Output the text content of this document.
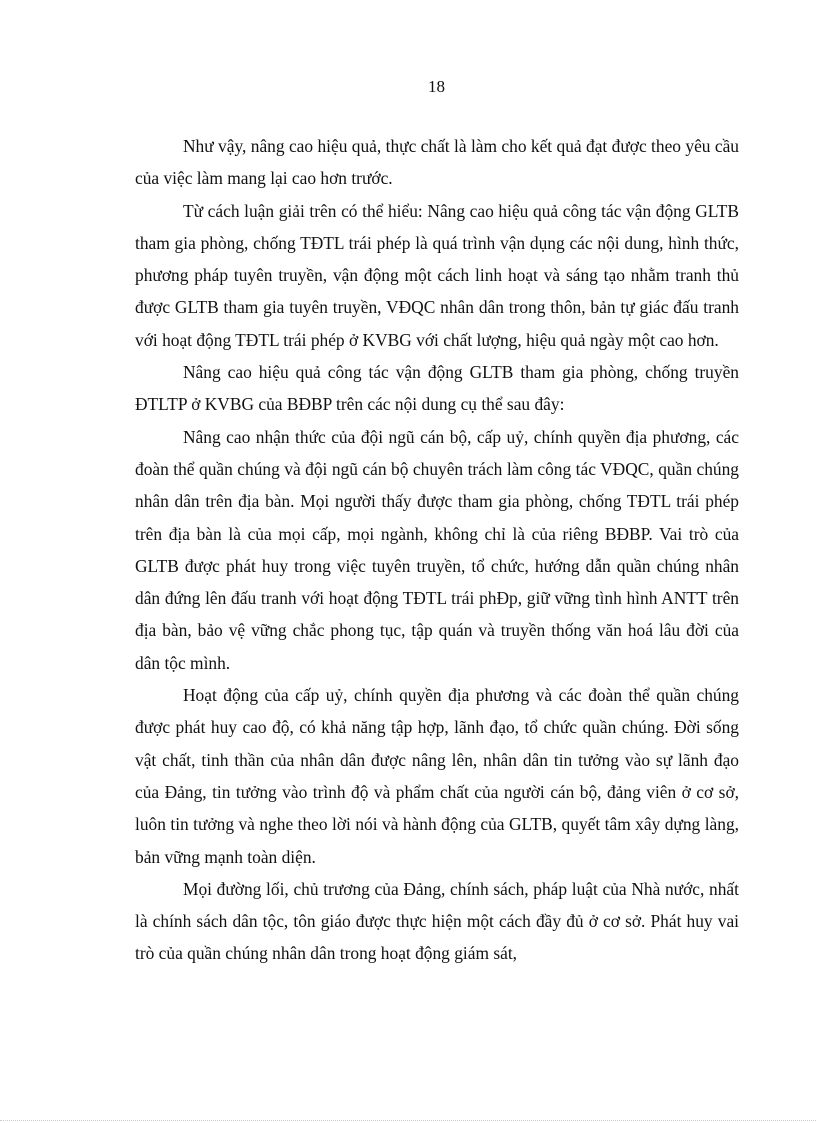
18

Như vậy, nâng cao hiệu quả, thực chất là làm cho kết quả đạt được theo yêu cầu của việc làm mang lại cao hơn trước.

Từ cách luận giải trên có thể hiểu: Nâng cao hiệu quả công tác vận động GLTB tham gia phòng, chống TĐTL trái phép là quá trình vận dụng các nội dung, hình thức, phương pháp tuyên truyền, vận động một cách linh hoạt và sáng tạo nhằm tranh thủ được GLTB tham gia tuyên truyền, VĐQC nhân dân trong thôn, bản tự giác đấu tranh với hoạt động TĐTL trái phép ở KVBG với chất lượng, hiệu quả ngày một cao hơn.

Nâng cao hiệu quả công tác vận động GLTB tham gia phòng, chống truyền ĐTLTP ở KVBG của BĐBP trên các nội dung cụ thể sau đây:

Nâng cao nhận thức của đội ngũ cán bộ, cấp uỷ, chính quyền địa phương, các đoàn thể quần chúng và đội ngũ cán bộ chuyên trách làm công tác VĐQC, quần chúng nhân dân trên địa bàn. Mọi người thấy được tham gia phòng, chống TĐTL trái phép trên địa bàn là của mọi cấp, mọi ngành, không chỉ là của riêng BĐBP. Vai trò của GLTB được phát huy trong việc tuyên truyền, tổ chức, hướng dẫn quần chúng nhân dân đứng lên đấu tranh với hoạt động TĐTL trái phĐp, giữ vững tình hình ANTT trên địa bàn, bảo vệ vững chắc phong tục, tập quán và truyền thống văn hoá lâu đời của dân tộc mình.

Hoạt động của cấp uỷ, chính quyền địa phương và các đoàn thể quần chúng được phát huy cao độ, có khả năng tập hợp, lãnh đạo, tổ chức quần chúng. Đời sống vật chất, tinh thần của nhân dân được nâng lên, nhân dân tin tưởng vào sự lãnh đạo của Đảng, tin tưởng vào trình độ và phẩm chất của người cán bộ, đảng viên ở cơ sở, luôn tin tưởng và nghe theo lời nói và hành động của GLTB, quyết tâm xây dựng làng, bản vững mạnh toàn diện.

Mọi đường lối, chủ trương của Đảng, chính sách, pháp luật của Nhà nước, nhất là chính sách dân tộc, tôn giáo được thực hiện một cách đầy đủ ở cơ sở. Phát huy vai trò của quần chúng nhân dân trong hoạt động giám sát,
